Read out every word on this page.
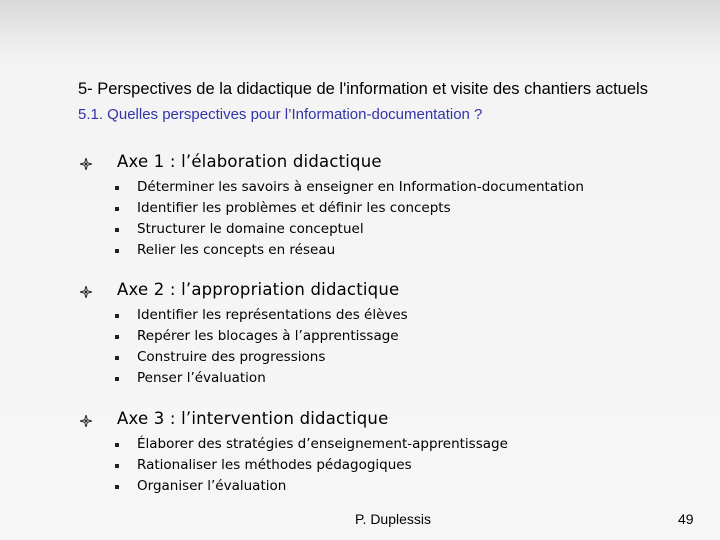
5- Perspectives de la didactique de l'information et visite des chantiers actuels
5.1. Quelles perspectives pour l’Information-documentation ?
Axe 1 : l’élaboration didactique
Déterminer les savoirs à enseigner en Information-documentation
Identifier les problèmes et définir les concepts
Structurer le domaine conceptuel
Relier les concepts en réseau
Axe 2 : l’appropriation didactique
Identifier les représentations des élèves
Repérer les blocages à l’apprentissage
Construire des progressions
Penser l’évaluation
Axe 3 : l’intervention didactique
Élaborer des stratégies d’enseignement-apprentissage
Rationaliser les méthodes pédagogiques
Organiser l’évaluation
P. Duplessis	49
